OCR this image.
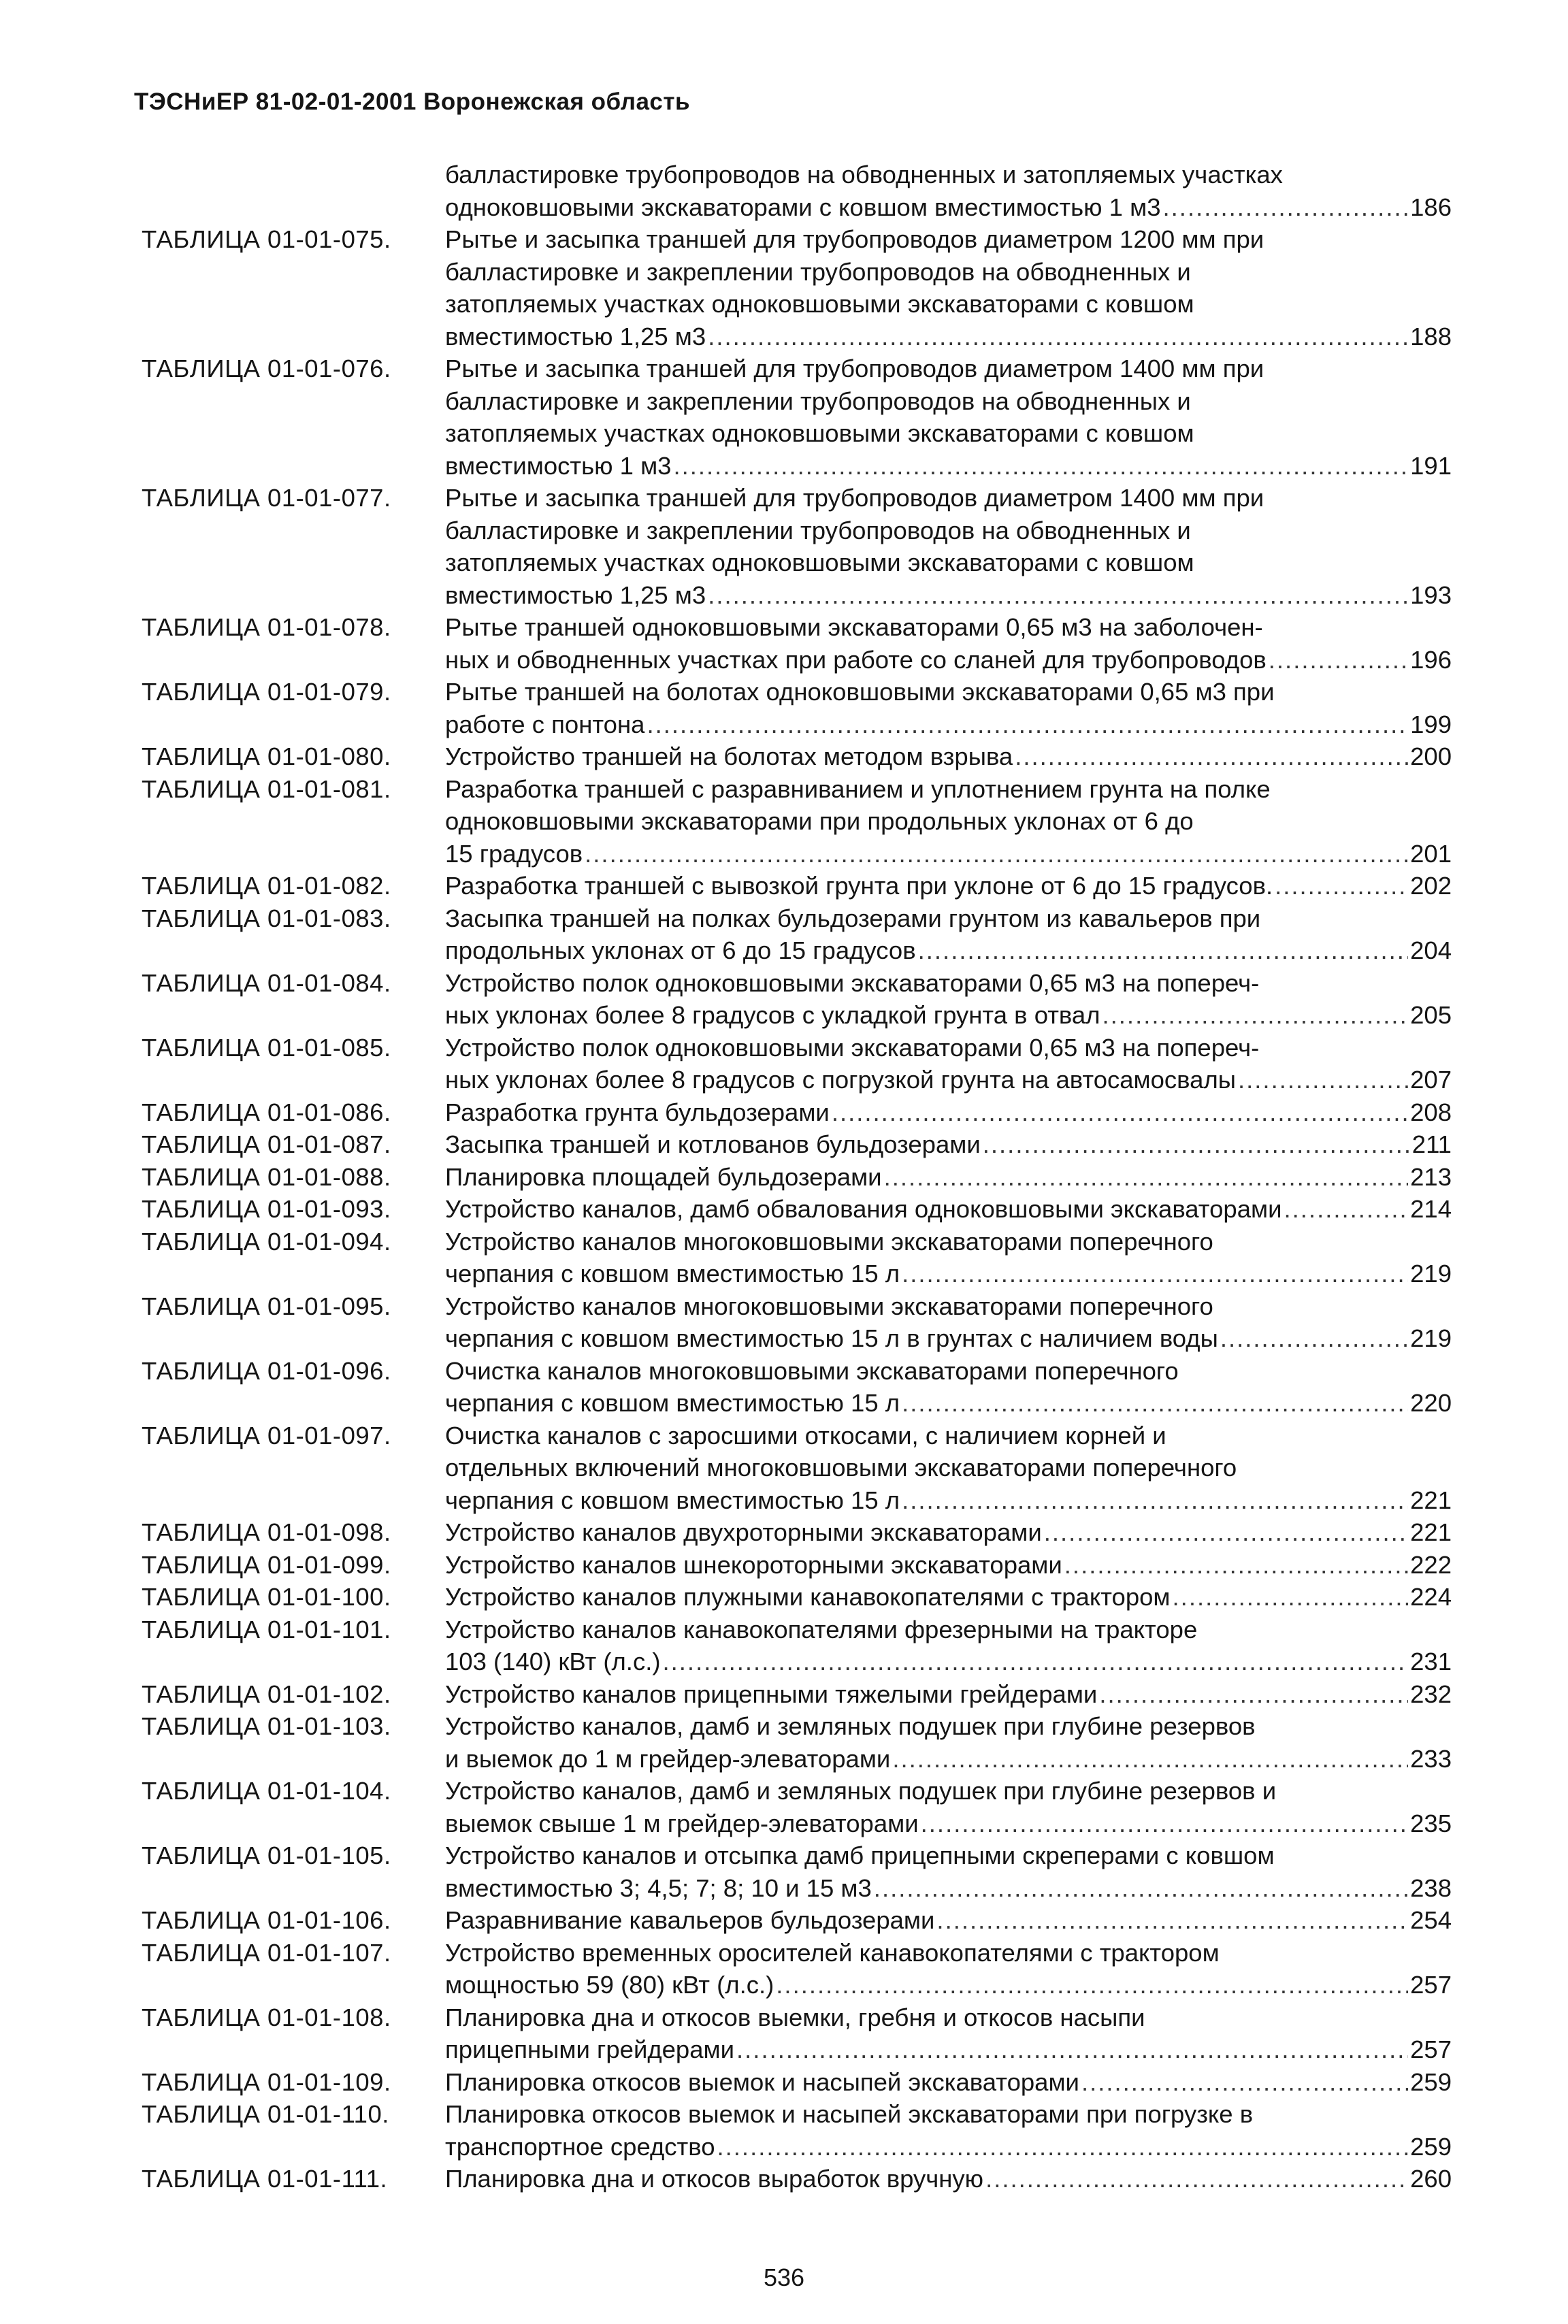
ТЭСНиЕР 81-02-01-2001 Воронежская область
балластировке трубопроводов на обводненных и затопляемых участках
одноковшовыми экскаваторами с ковшом вместимостью 1 м3 .....	186
ТАБЛИЦА 01-01-075.	Рытье и засыпка траншей для трубопроводов диаметром 1200 мм при
балластировке и закреплении трубопроводов на обводненных и
затопляемых участках одноковшовыми экскаваторами с ковшом
вместимостью 1,25 м3 .....	188
ТАБЛИЦА 01-01-076.	Рытье и засыпка траншей для трубопроводов диаметром 1400 мм при
балластировке и закреплении трубопроводов на обводненных и
затопляемых участках одноковшовыми экскаваторами с ковшом
вместимостью 1 м3 .....	191
ТАБЛИЦА 01-01-077.	Рытье и засыпка траншей для трубопроводов диаметром 1400 мм при
балластировке и закреплении трубопроводов на обводненных и
затопляемых участках одноковшовыми экскаваторами с ковшом
вместимостью 1,25 м3 .....	193
ТАБЛИЦА 01-01-078.	Рытье траншей одноковшовыми экскаваторами 0,65 м3 на заболочен-
ных и обводненных участках при работе со сланей для трубопроводов .....	196
ТАБЛИЦА 01-01-079.	Рытье траншей на болотах одноковшовыми экскаваторами 0,65 м3 при
работе с понтона .....	199
ТАБЛИЦА 01-01-080.	Устройство траншей на болотах методом взрыва .....	200
ТАБЛИЦА 01-01-081.	Разработка траншей с разравниванием и уплотнением грунта на полке
одноковшовыми экскаваторами при продольных уклонах от 6 до
15 градусов .....	201
ТАБЛИЦА 01-01-082.	Разработка траншей с вывозкой грунта при уклоне от 6 до 15 градусов. .....	202
ТАБЛИЦА 01-01-083.	Засыпка траншей на полках бульдозерами грунтом из кавальеров при
продольных уклонах от 6 до 15 градусов .....	204
ТАБЛИЦА 01-01-084.	Устройство полок одноковшовыми экскаваторами 0,65 м3 на попереч-
ных уклонах более 8 градусов с укладкой грунта в отвал .....	205
ТАБЛИЦА 01-01-085.	Устройство полок одноковшовыми экскаваторами 0,65 м3 на попереч-
ных уклонах более 8 градусов с погрузкой грунта на автосамосвалы .....	207
ТАБЛИЦА 01-01-086.	Разработка грунта бульдозерами .....	208
ТАБЛИЦА 01-01-087.	Засыпка траншей и котлованов бульдозерами .....	211
ТАБЛИЦА 01-01-088.	Планировка площадей бульдозерами .....	213
ТАБЛИЦА 01-01-093.	Устройство каналов, дамб обвалования одноковшовыми экскаваторами .....	214
ТАБЛИЦА 01-01-094.	Устройство каналов многоковшовыми экскаваторами поперечного
черпания с ковшом вместимостью 15 л .....	219
ТАБЛИЦА 01-01-095.	Устройство каналов многоковшовыми экскаваторами поперечного
черпания с ковшом вместимостью 15 л в грунтах с наличием воды .....	219
ТАБЛИЦА 01-01-096.	Очистка каналов многоковшовыми экскаваторами поперечного
черпания с ковшом вместимостью 15 л .....	220
ТАБЛИЦА 01-01-097.	Очистка каналов с заросшими откосами, с наличием корней и
отдельных включений многоковшовыми экскаваторами поперечного
черпания с ковшом вместимостью 15 л .....	221
ТАБЛИЦА 01-01-098.	Устройство каналов двухроторными экскаваторами .....	221
ТАБЛИЦА 01-01-099.	Устройство каналов шнекороторными экскаваторами .....	222
ТАБЛИЦА 01-01-100.	Устройство каналов плужными канавокопателями с трактором .....	224
ТАБЛИЦА 01-01-101.	Устройство каналов канавокопателями фрезерными на тракторе
103 (140) кВт (л.с.) .....	231
ТАБЛИЦА 01-01-102.	Устройство каналов прицепными тяжелыми грейдерами .....	232
ТАБЛИЦА 01-01-103.	Устройство каналов, дамб и земляных подушек при глубине резервов
и выемок до 1 м грейдер-элеваторами .....	233
ТАБЛИЦА 01-01-104.	Устройство каналов, дамб и земляных подушек при глубине резервов и
выемок свыше 1 м грейдер-элеваторами .....	235
ТАБЛИЦА 01-01-105.	Устройство каналов и отсыпка дамб прицепными скреперами с ковшом
вместимостью 3; 4,5; 7; 8; 10 и 15 м3 .....	238
ТАБЛИЦА 01-01-106.	Разравнивание кавальеров бульдозерами .....	254
ТАБЛИЦА 01-01-107.	Устройство временных оросителей канавокопателями с трактором
мощностью 59 (80) кВт (л.с.) .....	257
ТАБЛИЦА 01-01-108.	Планировка дна и откосов выемки, гребня и откосов насыпи
прицепными грейдерами .....	257
ТАБЛИЦА 01-01-109.	Планировка откосов выемок и насыпей экскаваторами .....	259
ТАБЛИЦА 01-01-110.	Планировка откосов выемок и насыпей экскаваторами при погрузке в
транспортное средство .....	259
ТАБЛИЦА 01-01-111.	Планировка дна и откосов выработок вручную .....	260
536
